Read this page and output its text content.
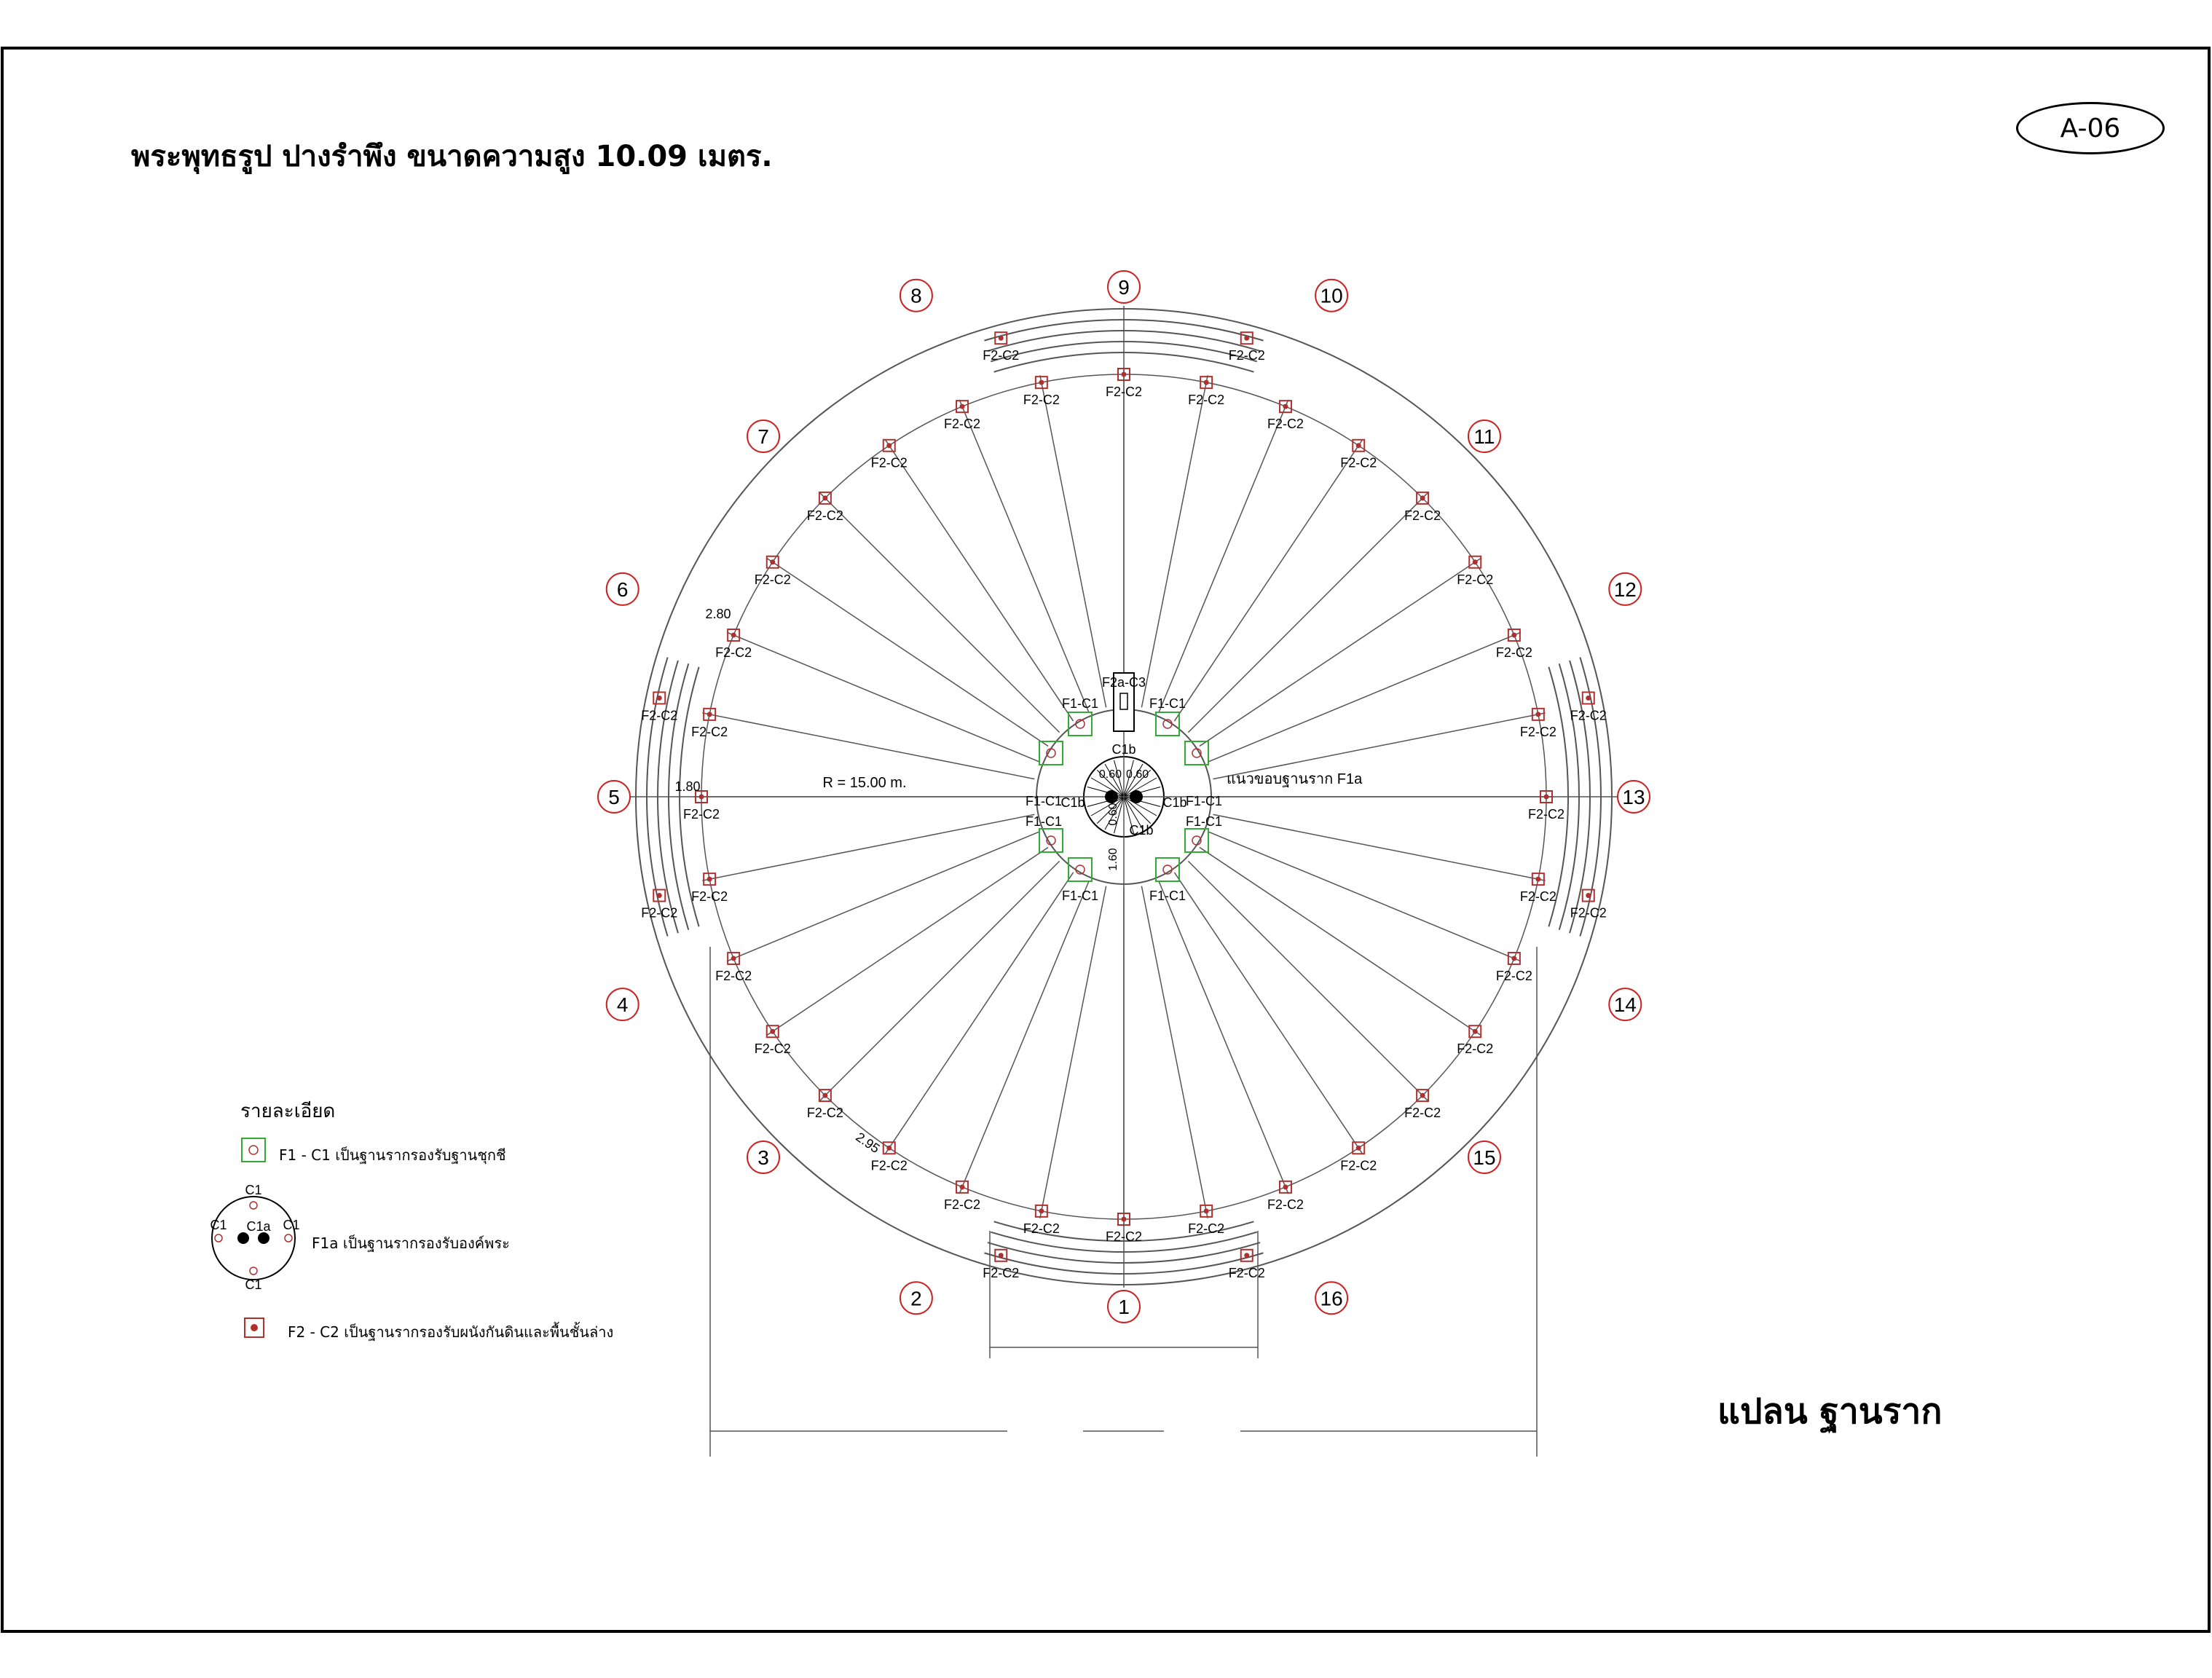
1
2
3
4
5
6
7
8	9	10
11
12
13
14
15
16
F2-C2
F2-C2
F2-C2
F2-C2
F2-C2
F2-C2
F2-C2
F2-C2
F2-C2
F2-C2
F2-C2
F2-C2
F2-C2
F2-C2
F2-C2
F2-C2
F2-C2
F2-C2
F2-C2
F2-C2
F2-C2
F2-C2
F2-C2
F2-C2
F2-C2
F2-C2
F2-C2
F2-C2
F2-C2
F2-C2
F2-C2
F2-C2
F2-C2	F2-C2
F2-C2
F2-C2
F2-C2
F2-C2
F2-C2
F2-C2
F1-C1
F1-C1
F1-C1
F1-C1
F1-C1
F1-C1
F1-C1
F1-C1
F2a-C3
C1b
C1b	C1b
C1b
0.60 0.60
0.60
1.60
R = 15.00 m.	แนวขอบฐานราก F1a
2.80
1.80
2.95
C1
C1
C1	C1
C1a
พระพุทธรูป ปางรำพึง ขนาดความสูง 10.09 เมตร.
A-06
แปลน ฐานราก
รายละเอียด
F1 - C1 เป็นฐานรากรองรับฐานชุกชี
F1a เป็นฐานรากรองรับองค์พระ
F2 - C2 เป็นฐานรากรองรับผนังกันดินและพื้นชั้นล่าง
